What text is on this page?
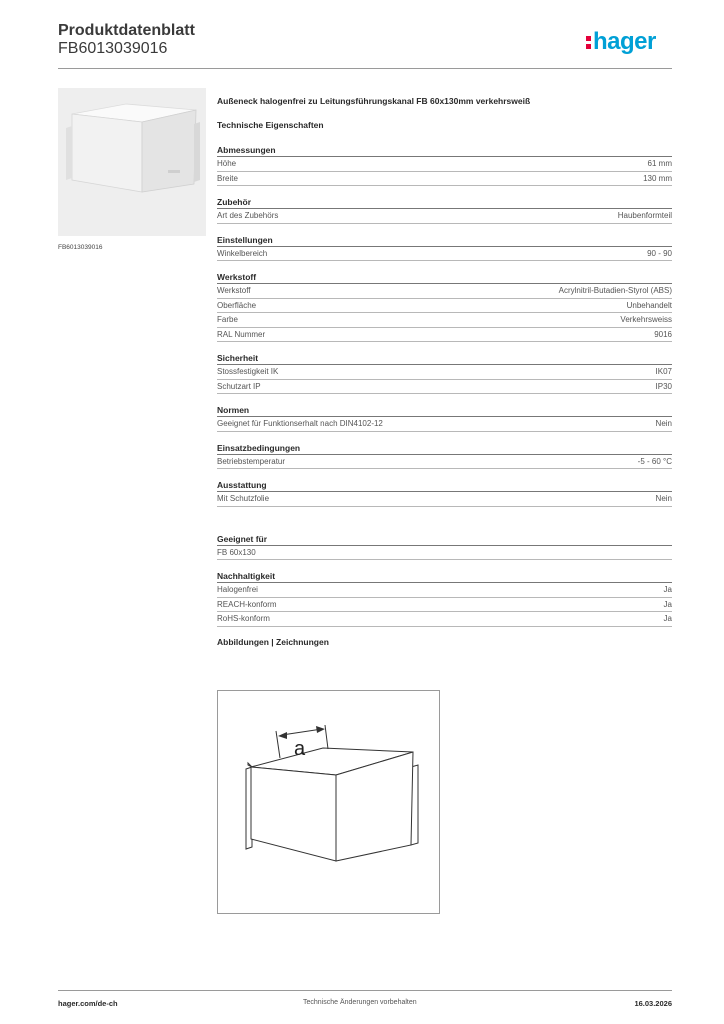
Produktdatenblatt
FB6013039016	hager
FB6013039016
Außeneck halogenfrei zu Leitungsführungskanal FB 60x130mm verkehrsweiß
Technische Eigenschaften
Abmessungen
Höhe	61 mm
Breite	130 mm
Zubehör
Art des Zubehörs	Haubenformteil
Einstellungen
Winkelbereich	90 - 90
Werkstoff
Werkstoff	Acrylnitril-Butadien-Styrol (ABS)
Oberfläche	Unbehandelt
Farbe	Verkehrsweiss
RAL Nummer	9016
Sicherheit
Stossfestigkeit IK	IK07
Schutzart IP	IP30
Normen
Geeignet für Funktionserhalt nach DIN4102-12	Nein
Einsatzbedingungen
Betriebstemperatur	-5 - 60 °C
Ausstattung
Mit Schutzfolie	Nein
Geeignet für
FB 60x130
Nachhaltigkeit
Halogenfrei	Ja
REACH-konform	Ja
RoHS-konform	Ja
Abbildungen | Zeichnungen
a
hager.com/de-ch	Technische Änderungen vorbehalten	16.03.2026
